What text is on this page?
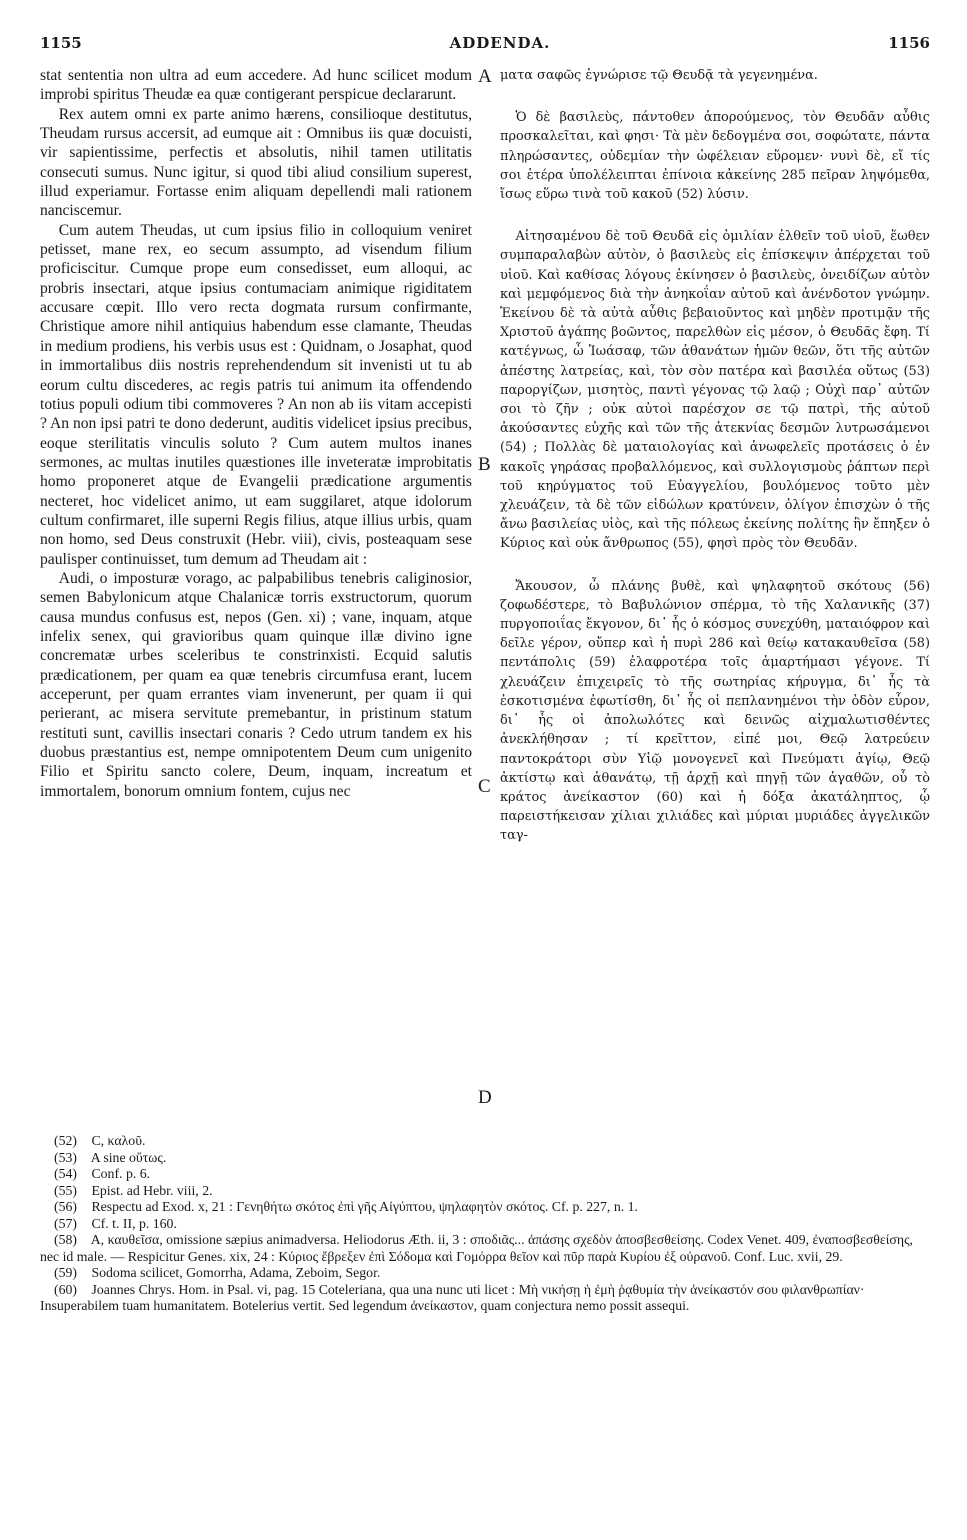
1155	ADDENDA.	1156

stat sententia non ultra ad eum accedere. Ad hunc scilicet modum improbi spiritus Theudæ ea quæ contigerant perspicue declararunt.

Rex autem omni ex parte animo hærens, consilioque destitutus, Theudam rursus accersit, ad eumque ait : Omnibus iis quæ docuisti, vir sapientissime, perfectis et absolutis, nihil tamen utilitatis consecuti sumus. Nunc igitur, si quod tibi aliud consilium superest, illud experiamur. Fortasse enim aliquam depellendi mali rationem nanciscemur.

Cum autem Theudas, ut cum ipsius filio in colloquium veniret petisset, mane rex, eo secum assumpto, ad visendum filium proficiscitur. Cumque prope eum consedisset, eum alloqui, ac probris insectari, atque ipsius contumaciam animique rigiditatem accusare cœpit. Illo vero recta dogmata rursum confirmante, Christique amore nihil antiquius habendum esse clamante, Theudas in medium prodiens, his verbis usus est : Quidnam, o Josaphat, quod in immortalibus diis nostris reprehendendum sit invenisti ut tu ab eorum cultu discederes, ac regis patris tui animum ita offendendo totius populi odium tibi commoveres ? An non ab iis vitam accepisti ? An non ipsi patri te dono dederunt, auditis videlicet ipsius precibus, eoque sterilitatis vinculis soluto ? Cum autem multos inanes sermones, ac multas inutiles quæstiones ille inveteratæ improbitatis homo proponeret atque de Evangelii prædicatione argumentis necteret, hoc videlicet animo, ut eam suggilaret, atque idolorum cultum confirmaret, ille superni Regis filius, atque illius urbis, quam non homo, sed Deus construxit (Hebr. viii), civis, posteaquam sese paulisper continuisset, tum demum ad Theudam ait :

Audi, o imposturæ vorago, ac palpabilibus tenebris caliginosior, semen Babylonicum atque Chalanicæ torris exstructorum, quorum causa mundus confusus est, nepos (Gen. xi) ; vane, inquam, atque infelix senex, qui gravioribus quam quinque illæ divino igne concrematæ urbes sceleribus te constrinxisti. Ecquid salutis prædicationem, per quam ea quæ tenebris circumfusa erant, lucem acceperunt, per quam errantes viam invenerunt, per quam ii qui perierant, ac misera servitute premebantur, in pristinum statum restituti sunt, cavillis insectari conaris ? Cedo utrum tandem ex his duobus præstantius est, nempe omnipotentem Deum cum unigenito Filio et Spiritu sancto colere, Deum, inquam, increatum et immortalem, bonorum omnium fontem, cujus nec

A
B
C
D

ματα σαφῶς ἐγνώρισε τῷ Θευδᾷ τὰ γεγενημένα.

Ὁ δὲ βασιλεὺς, πάντοθεν ἀπορούμενος, τὸν Θευδᾶν αὖθις προσκαλεῖται, καὶ φησι· Τὰ μὲν δεδογμένα σοι, σοφώτατε, πάντα πληρώσαντες, οὐδεμίαν τὴν ὠφέλειαν εὕρομεν· νυνὶ δὲ, εἴ τίς σοι ἑτέρα ὑπολέλειπται ἐπίνοια κἀκείνης 285 πεῖραν ληψόμεθα, ἴσως εὕρω τινὰ τοῦ κακοῦ (52) λύσιν.

Αἰτησαμένου δὲ τοῦ Θευδᾶ εἰς ὁμιλίαν ἐλθεῖν τοῦ υἱοῦ, ἕωθεν συμπαραλαβὼν αὐτὸν, ὁ βασιλεὺς εἰς ἐπίσκεψιν ἀπέρχεται τοῦ υἱοῦ. Καὶ καθίσας λόγους ἐκίνησεν ὁ βασιλεὺς, ὀνειδίζων αὐτὸν καὶ μεμφόμενος διὰ τὴν ἀνηκοΐαν αὐτοῦ καὶ ἀνένδοτον γνώμην. Ἐκείνου δὲ τὰ αὐτὰ αὖθις βεβαιοῦντος καὶ μηδὲν προτιμᾷν τῆς Χριστοῦ ἀγάπης βοῶντος, παρελθὼν εἰς μέσον, ὁ Θευδᾶς ἔφη. Τί κατέγνως, ὦ Ἰωάσαφ, τῶν ἀθανάτων ἡμῶν θεῶν, ὅτι τῆς αὐτῶν ἀπέστης λατρείας, καὶ, τὸν σὸν πατέρα καὶ βασιλέα οὕτως (53) παροργίζων, μισητὸς, παντὶ γέγονας τῷ λαῷ ; Οὐχὶ παρ᾽ αὐτῶν σοι τὸ ζῆν ; οὐκ αὐτοὶ παρέσχον σε τῷ πατρὶ, τῆς αὐτοῦ ἀκούσαντες εὐχῆς καὶ τῶν τῆς ἀτεκνίας δεσμῶν λυτρωσάμενοι (54) ; Πολλὰς δὲ ματαιολογίας καὶ ἀνωφελεῖς προτάσεις ὁ ἐν κακοῖς γηράσας προβαλλόμενος, καὶ συλλογισμοὺς ῥάπτων περὶ τοῦ κηρύγματος τοῦ Εὐαγγελίου, βουλόμενος τοῦτο μὲν χλευάζειν, τὰ δὲ τῶν εἰδώλων κρατύνειν, ὀλίγον ἐπισχὼν ὁ τῆς ἄνω βασιλείας υἱὸς, καὶ τῆς πόλεως ἐκείνης πολίτης ἣν ἔπηξεν ὁ Κύριος καὶ οὐκ ἄνθρωπος (55), φησὶ πρὸς τὸν Θευδᾶν.

Ἄκουσον, ὦ πλάνης βυθὲ, καὶ ψηλαφητοῦ σκότους (56) ζοφωδέστερε, τὸ Βαβυλώνιον σπέρμα, τὸ τῆς Χαλανικῆς (37) πυργοποιΐας ἔκγονον, δι᾽ ἧς ὁ κόσμος συνεχύθη, ματαιόφρον καὶ δεῖλε γέρον, οὔπερ καὶ ἡ πυρὶ 286 καὶ θείῳ κατακαυθεῖσα (58) πεντάπολις (59) ἐλαφροτέρα τοῖς ἁμαρτήμασι γέγονε. Τί χλευάζειν ἐπιχειρεῖς τὸ τῆς σωτηρίας κήρυγμα, δι᾽ ἧς τὰ ἐσκοτισμένα ἐφωτίσθη, δι᾽ ἧς οἱ πεπλανημένοι τὴν ὁδὸν εὗρον, δι᾽ ἧς οἱ ἀπολωλότες καὶ δεινῶς αἰχμαλωτισθέντες ἀνεκλήθησαν ; τί κρεῖττον, εἰπέ μοι, Θεῷ λατρεύειν παντοκράτορι σὺν Υἱῷ μονογενεῖ καὶ Πνεύματι ἁγίῳ, Θεῷ ἀκτίστῳ καὶ ἀθανάτῳ, τῇ ἀρχῇ καὶ πηγῇ τῶν ἀγαθῶν, οὗ τὸ κράτος ἀνείκαστον (60) καὶ ἡ δόξα ἀκατάληπτος, ᾧ παρειστήκεισαν χίλιαι χιλιάδες καὶ μύριαι μυριάδες ἀγγελικῶν ταγ-

(52) C, καλοῦ.

(53) A sine οὕτως.

(54) Conf. p. 6.

(55) Epist. ad Hebr. viii, 2.

(56) Respectu ad Exod. x, 21 : Γενηθήτω σκότος ἐπὶ γῆς Αἰγύπτου, ψηλαφητὸν σκότος. Cf. p. 227, n. 1.

(57) Cf. t. II, p. 160.

(58) A, καυθεῖσα, omissione sæpius animadversa. Heliodorus Æth. ii, 3 : σποδιᾶς... ἀπάσης σχεδὸν ἀποσβεσθείσης. Codex Venet. 409, ἐναποσβεσθείσης, nec id male. — Respicitur Genes. xix, 24 : Κύριος ἔβρεξεν ἐπὶ Σόδομα καὶ Γομόρρα θεῖον καὶ πῦρ παρὰ Κυρίου ἐξ οὐρανοῦ. Conf. Luc. xvii, 29.

(59) Sodoma scilicet, Gomorrha, Adama, Zeboim, Segor.

(60) Joannes Chrys. Hom. in Psal. vi, pag. 15 Coteleriana, qua una nunc uti licet : Μὴ νικήσῃ ἡ ἐμὴ ῥᾳθυμία τὴν ἀνείκαστόν σου φιλανθρωπίαν· Insuperabilem tuam humanitatem. Botelerius vertit. Sed legendum ἀνείκαστον, quam conjectura nemo possit assequi.
